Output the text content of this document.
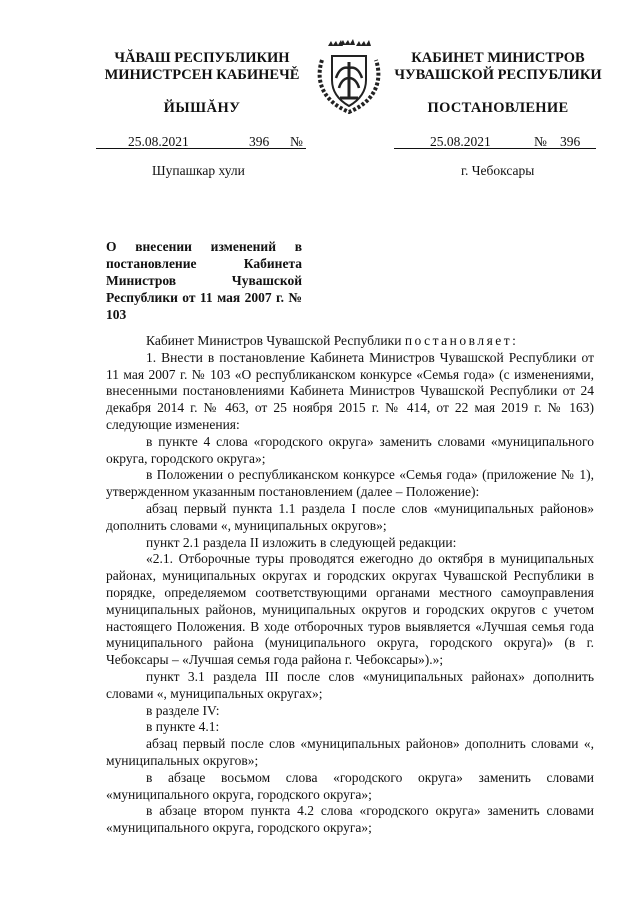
ЧĂВАШ РЕСПУБЛИКИН
МИНИСТРСЕН КАБИНЕЧĚ
ЙЫШĂНУ
КАБИНЕТ МИНИСТРОВ
ЧУВАШСКОЙ РЕСПУБЛИКИ
ПОСТАНОВЛЕНИЕ
25.08.2021	396 №	25.08.2021	№ 396
Шупашкар хули	г. Чебоксары
О внесении изменений в постановление Кабинета Министров Чувашской Республики от 11 мая 2007 г. № 103

Кабинет Министров Чувашской Республики постановляет:

1. Внести в постановление Кабинета Министров Чувашской Республики от 11 мая 2007 г. № 103 «О республиканском конкурсе «Семья года» (с изменениями, внесенными постановлениями Кабинета Министров Чувашской Республики от 24 декабря 2014 г. № 463, от 25 ноября 2015 г. № 414, от 22 мая 2019 г. № 163) следующие изменения:

в пункте 4 слова «городского округа» заменить словами «муниципального округа, городского округа»;

в Положении о республиканском конкурсе «Семья года» (приложение № 1), утвержденном указанным постановлением (далее – Положение):

абзац первый пункта 1.1 раздела I после слов «муниципальных районов» дополнить словами «, муниципальных округов»;

пункт 2.1 раздела II изложить в следующей редакции:

«2.1. Отборочные туры проводятся ежегодно до октября в муниципальных районах, муниципальных округах и городских округах Чувашской Республики в порядке, определяемом соответствующими органами местного самоуправления муниципальных районов, муниципальных округов и городских округов с учетом настоящего Положения. В ходе отборочных туров выявляется «Лучшая семья года муниципального района (муниципального округа, городского округа)» (в г. Чебоксары – «Лучшая семья года района г. Чебоксары»).»;

пункт 3.1 раздела III после слов «муниципальных районах» дополнить словами «, муниципальных округах»;

в разделе IV:

в пункте 4.1:

абзац первый после слов «муниципальных районов» дополнить словами «, муниципальных округов»;

в абзаце восьмом слова «городского округа» заменить словами «муниципального округа, городского округа»;

в абзаце втором пункта 4.2 слова «городского округа» заменить словами «муниципального округа, городского округа»;
